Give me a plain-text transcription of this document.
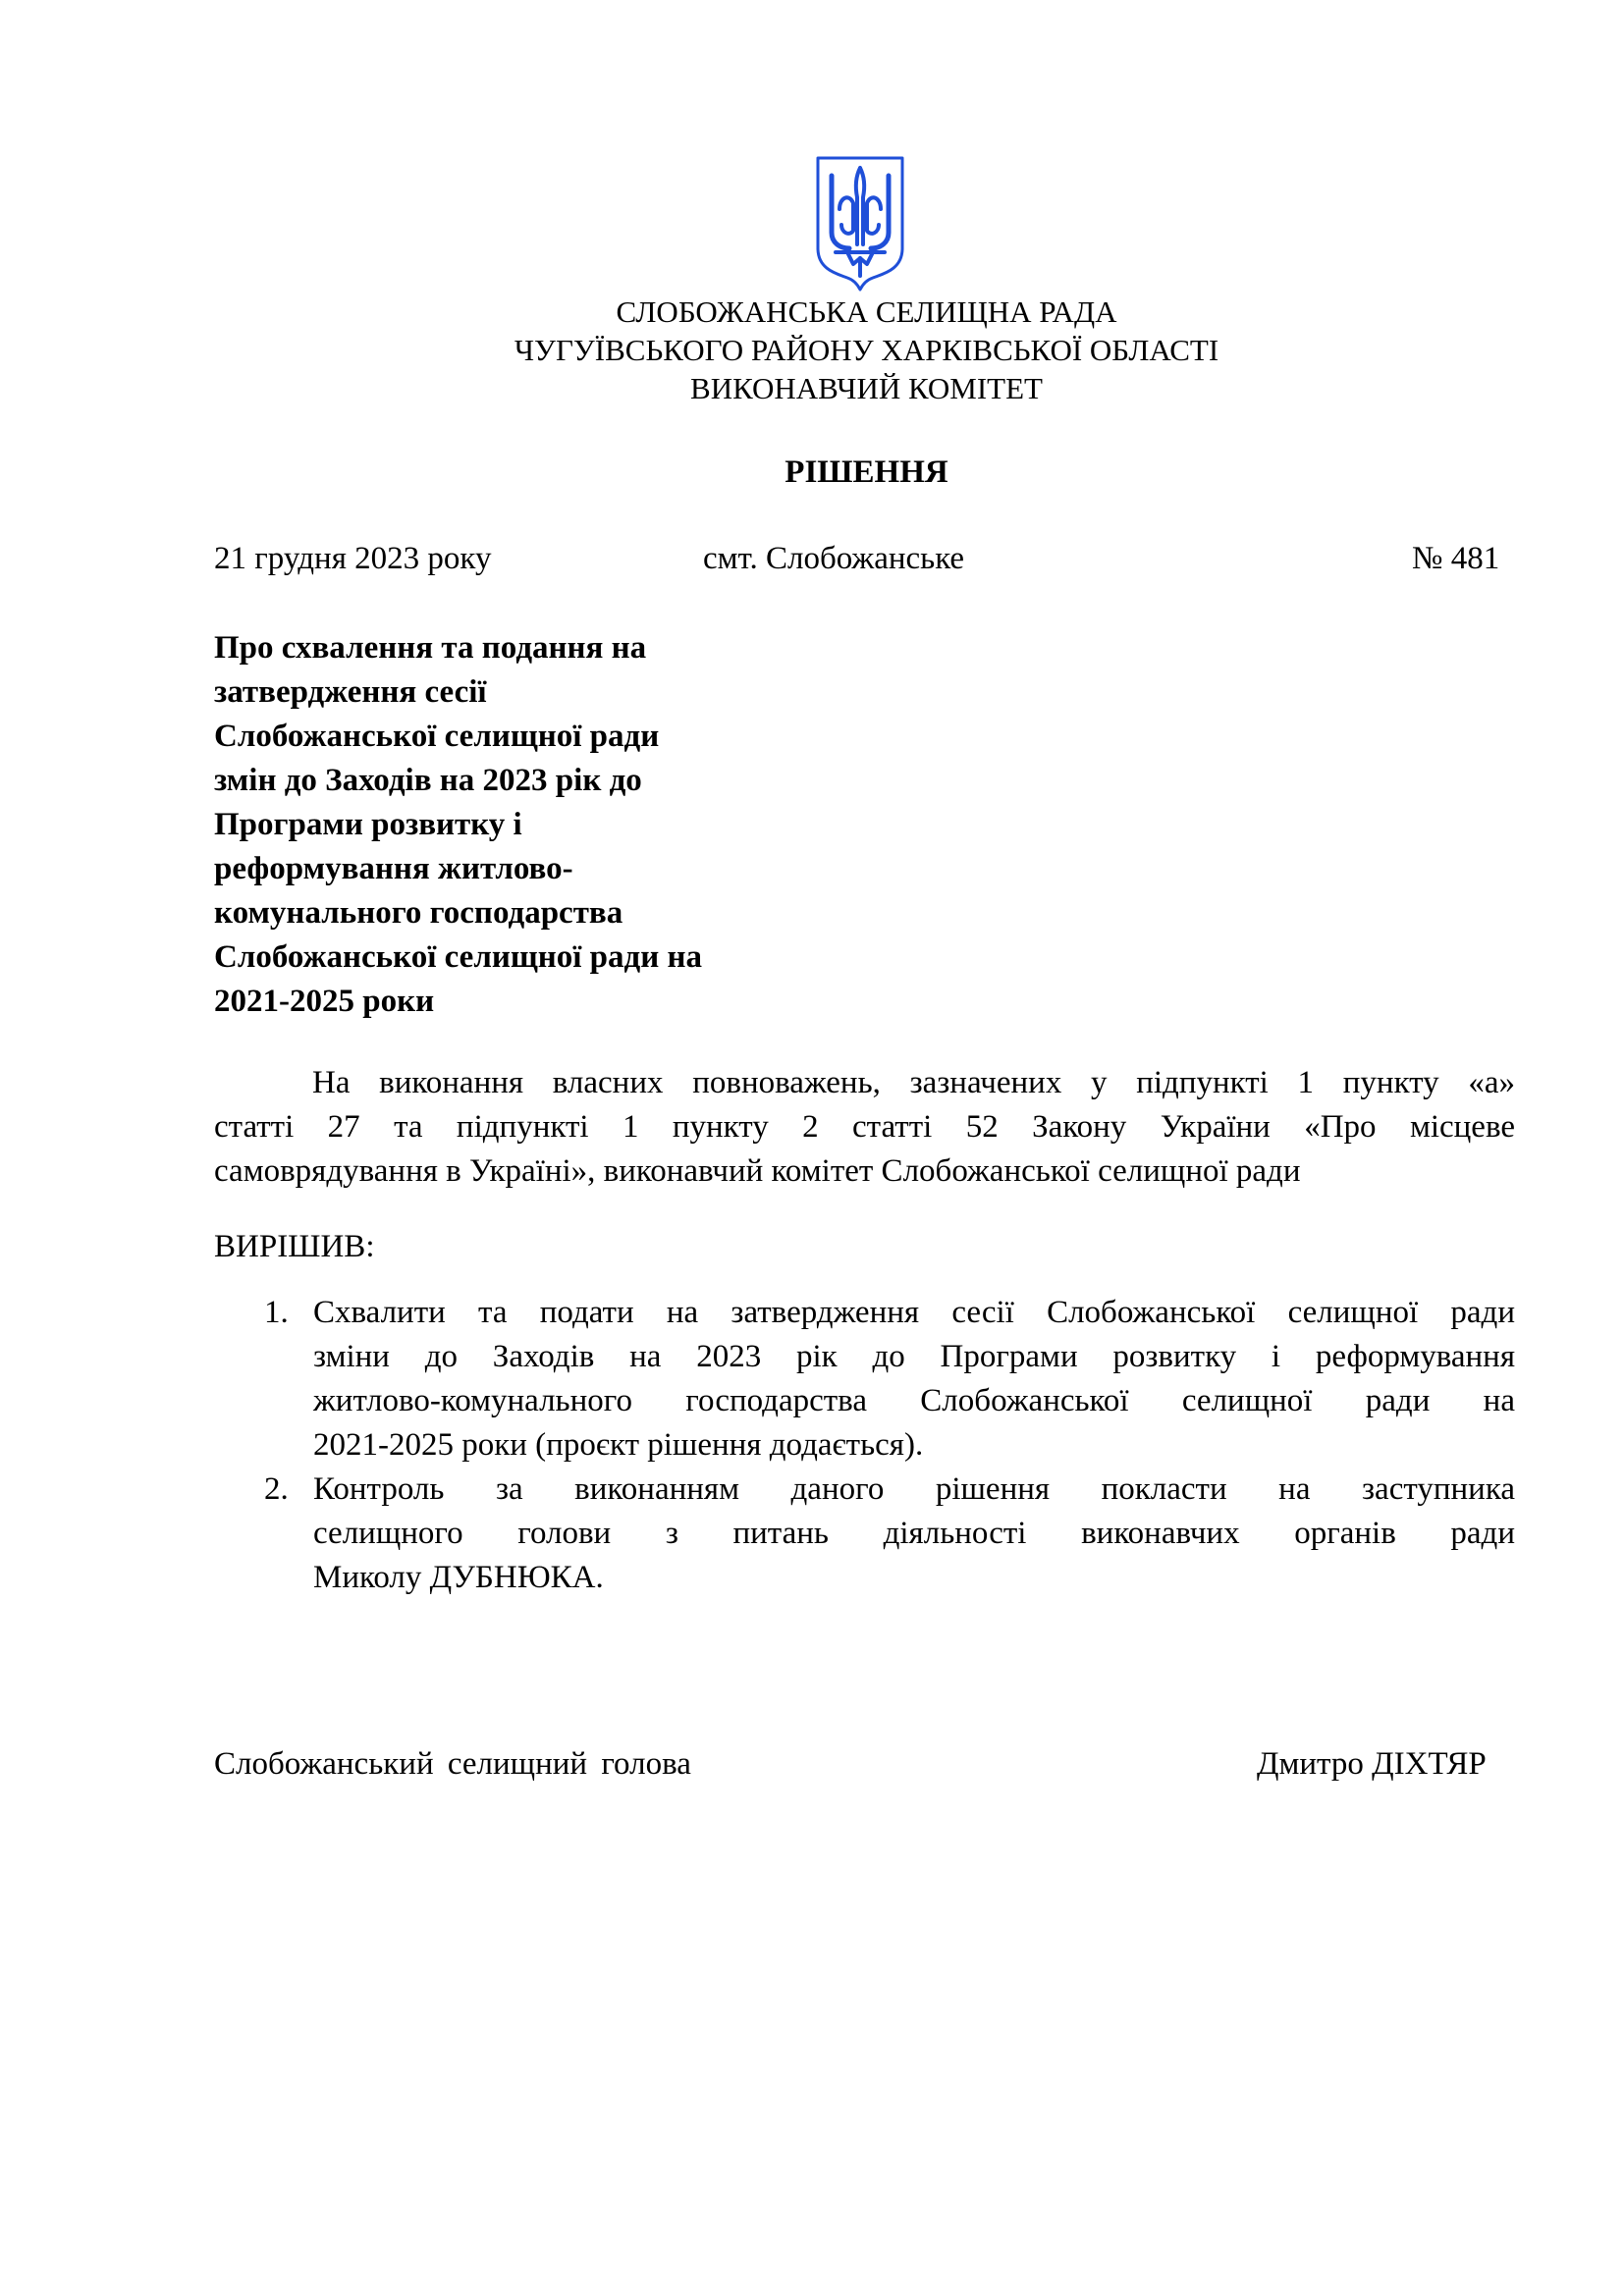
СЛОБОЖАНСЬКА СЕЛИЩНА РАДА
ЧУГУЇВСЬКОГО РАЙОНУ ХАРКІВСЬКОЇ ОБЛАСТІ
ВИКОНАВЧИЙ КОМІТЕТ
РІШЕННЯ
21 грудня 2023 року	смт. Слобожанське	№ 481
Про схвалення та подання на
затвердження сесії
Слобожанської селищної ради
змін до Заходів на 2023 рік до
Програми розвитку і
реформування житлово-
комунального господарства
Слобожанської селищної ради на
2021-2025 роки
На виконання власних повноважень, зазначених у підпункті 1 пункту «а»
статті 27 та підпункті 1 пункту 2 статті 52 Закону України «Про місцеве
самоврядування в Україні», виконавчий комітет Слобожанської селищної ради
ВИРІШИВ:
1. Схвалити та подати на затвердження сесії Слобожанської селищної ради
зміни до Заходів на 2023 рік до Програми розвитку і реформування
житлово-комунального господарства Слобожанської селищної ради на
2021-2025 роки (проєкт рішення додається).
2. Контроль за виконанням даного рішення покласти на заступника
селищного голови з питань діяльності виконавчих органів ради
Миколу ДУБНЮКА.
Слобожанський селищний голова	Дмитро ДІХТЯР
